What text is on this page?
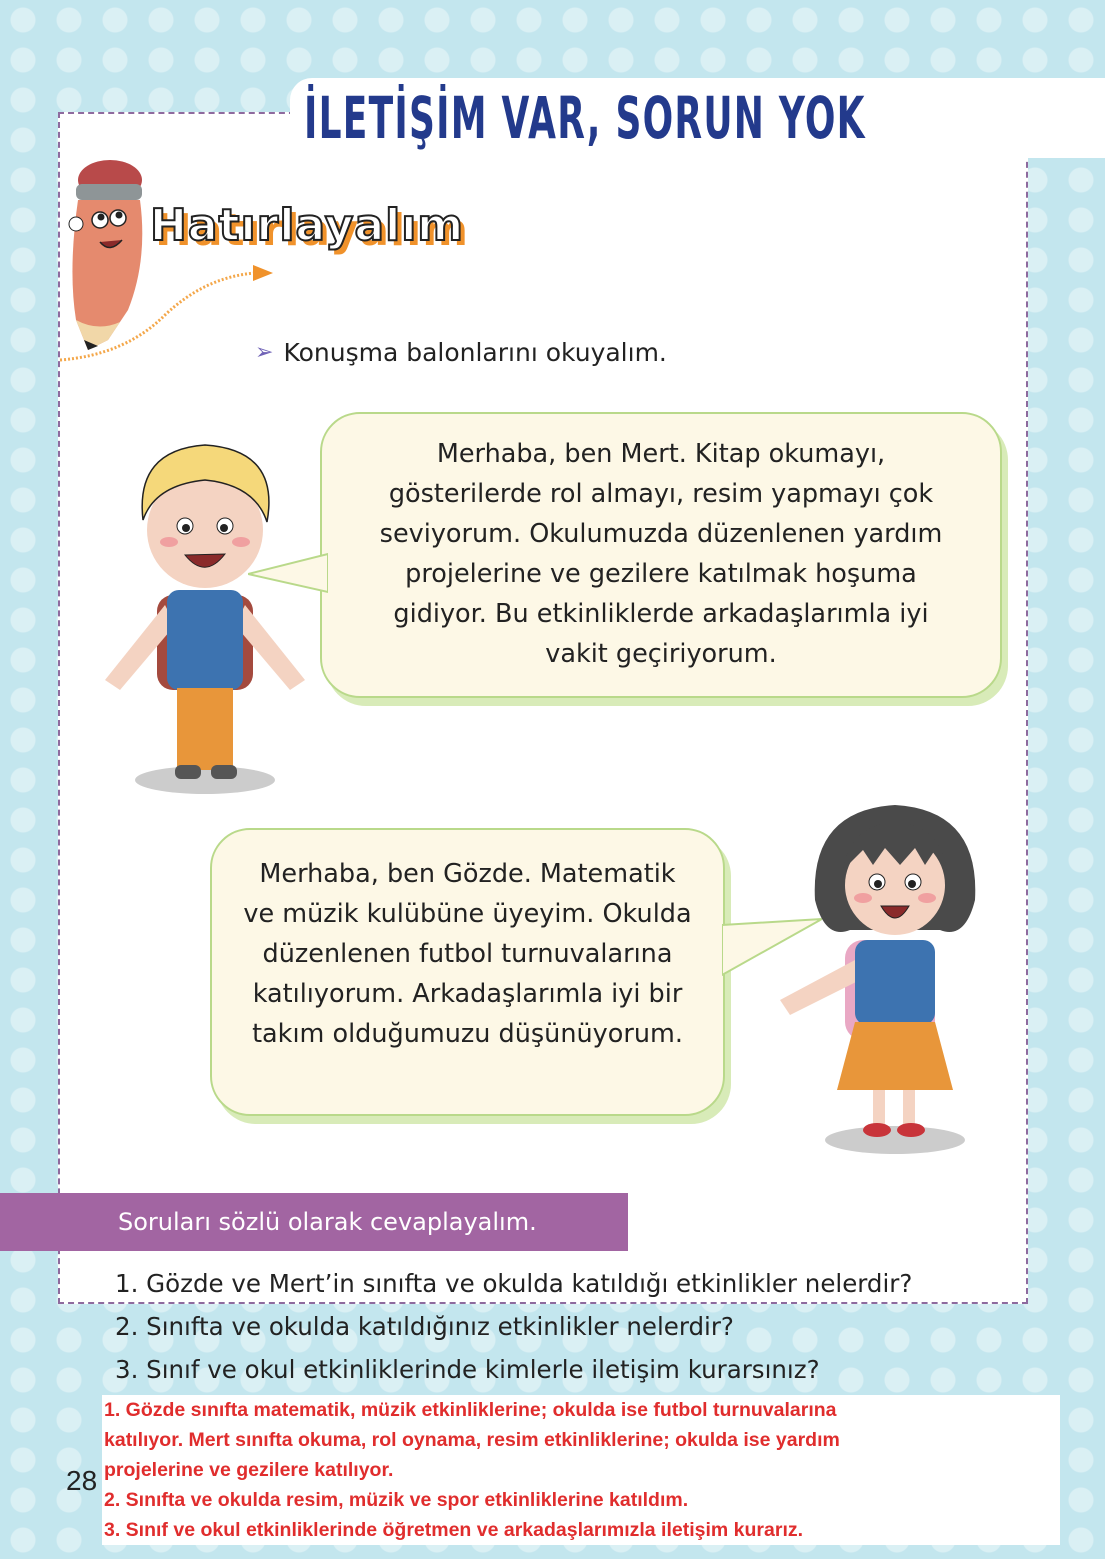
İLETİŞİM VAR, SORUN YOK
Hatırlayalım
➢ Konuşma balonlarını okuyalım.
Merhaba, ben Mert. Kitap okumayı,
gösterilerde rol almayı, resim yapmayı çok
seviyorum. Okulumuzda düzenlenen yardım
projelerine ve gezilere katılmak hoşuma
gidiyor. Bu etkinliklerde arkadaşlarımla iyi
vakit geçiriyorum.
Merhaba, ben Gözde. Matematik
ve müzik kulübüne üyeyim. Okulda
düzenlenen futbol turnuvalarına
katılıyorum. Arkadaşlarımla iyi bir
takım olduğumuzu düşünüyorum.
Soruları sözlü olarak cevaplayalım.
1. Gözde ve Mert’in sınıfta ve okulda katıldığı etkinlikler nelerdir?
2. Sınıfta ve okulda katıldığınız etkinlikler nelerdir?
3. Sınıf ve okul etkinliklerinde kimlerle iletişim kurarsınız?
1. Gözde sınıfta matematik, müzik etkinliklerine; okulda ise futbol turnuvalarına
katılıyor. Mert sınıfta okuma, rol oynama, resim etkinliklerine; okulda ise yardım
projelerine ve gezilere katılıyor.
2. Sınıfta ve okulda resim, müzik ve spor etkinliklerine katıldım.
3. Sınıf ve okul etkinliklerinde öğretmen ve arkadaşlarımızla iletişim kurarız.
28
